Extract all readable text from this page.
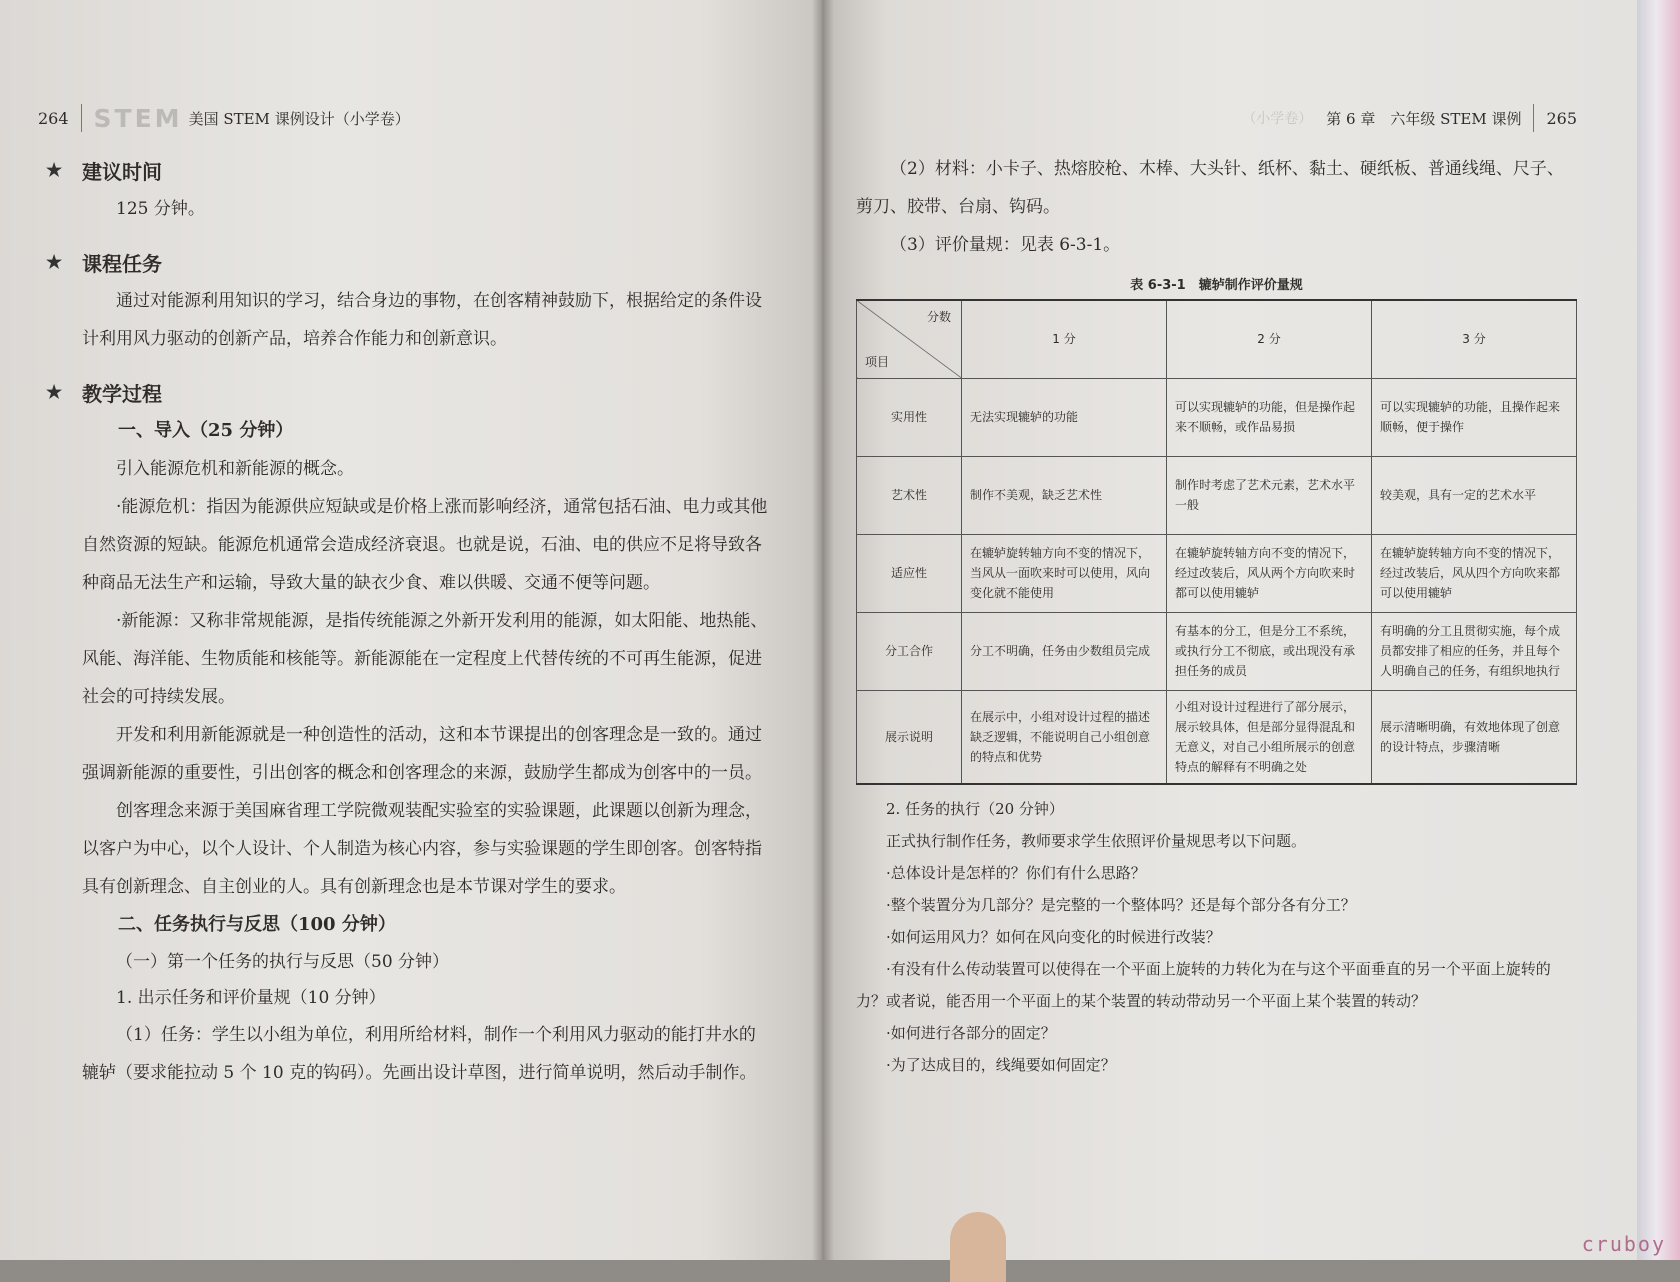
264 STEM 美国 STEM 课例设计（小学卷）
★ 建议时间

125 分钟。

★ 课程任务

通过对能源利用知识的学习，结合身边的事物，在创客精神鼓励下，根据给定的条件设计利用风力驱动的创新产品，培养合作能力和创新意识。

★ 教学过程
一、导入（25 分钟）

引入能源危机和新能源的概念。

·能源危机：指因为能源供应短缺或是价格上涨而影响经济，通常包括石油、电力或其他自然资源的短缺。能源危机通常会造成经济衰退。也就是说，石油、电的供应不足将导致各种商品无法生产和运输，导致大量的缺衣少食、难以供暖、交通不便等问题。

·新能源：又称非常规能源，是指传统能源之外新开发利用的能源，如太阳能、地热能、风能、海洋能、生物质能和核能等。新能源能在一定程度上代替传统的不可再生能源，促进社会的可持续发展。

开发和利用新能源就是一种创造性的活动，这和本节课提出的创客理念是一致的。通过强调新能源的重要性，引出创客的概念和创客理念的来源，鼓励学生都成为创客中的一员。

创客理念来源于美国麻省理工学院微观装配实验室的实验课题，此课题以创新为理念，以客户为中心，以个人设计、个人制造为核心内容，参与实验课题的学生即创客。创客特指具有创新理念、自主创业的人。具有创新理念也是本节课对学生的要求。

二、任务执行与反思（100 分钟）
（一）第一个任务的执行与反思（50 分钟）
1. 出示任务和评价量规（10 分钟）

（1）任务：学生以小组为单位，利用所给材料，制作一个利用风力驱动的能打井水的辘轳（要求能拉动 5 个 10 克的钩码）。先画出设计草图，进行简单说明，然后动手制作。

（小学卷） 第 6 章　六年级 STEM 课例 265

（2）材料：小卡子、热熔胶枪、木棒、大头针、纸杯、黏土、硬纸板、普通线绳、尺子、剪刀、胶带、台扇、钩码。

（3）评价量规：见表 6-3-1。

表 6-3-1　辘轳制作评价量规
分数
项目	1 分	2 分	3 分
实用性	无法实现辘轳的功能	可以实现辘轳的功能，但是操作起来不顺畅，或作品易损	可以实现辘轳的功能，且操作起来顺畅，便于操作
艺术性	制作不美观，缺乏艺术性	制作时考虑了艺术元素，艺术水平一般	较美观，具有一定的艺术水平
适应性	在辘轳旋转轴方向不变的情况下，当风从一面吹来时可以使用，风向变化就不能使用	在辘轳旋转轴方向不变的情况下，经过改装后，风从两个方向吹来时都可以使用辘轳	在辘轳旋转轴方向不变的情况下，经过改装后，风从四个方向吹来都可以使用辘轳
分工合作	分工不明确，任务由少数组员完成	有基本的分工，但是分工不系统，或执行分工不彻底，或出现没有承担任务的成员	有明确的分工且贯彻实施，每个成员都安排了相应的任务，并且每个人明确自己的任务，有组织地执行
展示说明	在展示中，小组对设计过程的描述缺乏逻辑，不能说明自己小组创意的特点和优势	小组对设计过程进行了部分展示，展示较具体，但是部分显得混乱和无意义，对自己小组所展示的创意特点的解释有不明确之处	展示清晰明确，有效地体现了创意的设计特点，步骤清晰
2. 任务的执行（20 分钟）

正式执行制作任务，教师要求学生依照评价量规思考以下问题。

·总体设计是怎样的？你们有什么思路？

·整个装置分为几部分？是完整的一个整体吗？还是每个部分各有分工？

·如何运用风力？如何在风向变化的时候进行改装？

·有没有什么传动装置可以使得在一个平面上旋转的力转化为在与这个平面垂直的另一个平面上旋转的力？或者说，能否用一个平面上的某个装置的转动带动另一个平面上某个装置的转动？

·如何进行各部分的固定？

·为了达成目的，线绳要如何固定？

cruboy
